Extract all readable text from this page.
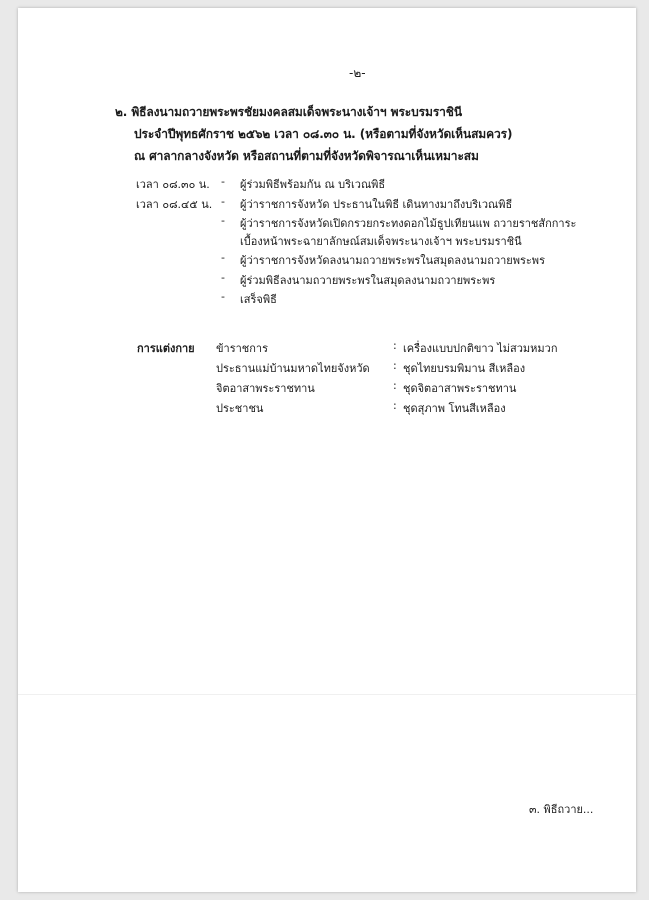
-๒-
๒. พิธีลงนามถวายพระพรชัยมงคลสมเด็จพระนางเจ้าฯ พระบรมราชินี
ประจำปีพุทธศักราช ๒๕๖๒ เวลา ๐๘.๓๐ น. (หรือตามที่จังหวัดเห็นสมควร)
ณ ศาลากลางจังหวัด หรือสถานที่ตามที่จังหวัดพิจารณาเห็นเหมาะสม
เวลา ๐๘.๓๐ น. - ผู้ร่วมพิธีพร้อมกัน ณ บริเวณพิธี
เวลา ๐๘.๔๕ น. - ผู้ว่าราชการจังหวัด ประธานในพิธี เดินทางมาถึงบริเวณพิธี
- ผู้ว่าราชการจังหวัดเปิดกรวยกระทงดอกไม้ธูปเทียนแพ ถวายราชสักการะ
เบื้องหน้าพระฉายาลักษณ์สมเด็จพระนางเจ้าฯ พระบรมราชินี
- ผู้ว่าราชการจังหวัดลงนามถวายพระพรในสมุดลงนามถวายพระพร
- ผู้ร่วมพิธีลงนามถวายพระพรในสมุดลงนามถวายพระพร
- เสร็จพิธี
การแต่งกาย ข้าราชการ	: เครื่องแบบปกติขาว ไม่สวมหมวก
ประธานแม่บ้านมหาดไทยจังหวัด : ชุดไทยบรมพิมาน สีเหลือง
จิตอาสาพระราชทาน	: ชุดจิตอาสาพระราชทาน
ประชาชน	: ชุดสุภาพ โทนสีเหลือง
๓. พิธีถวาย...
